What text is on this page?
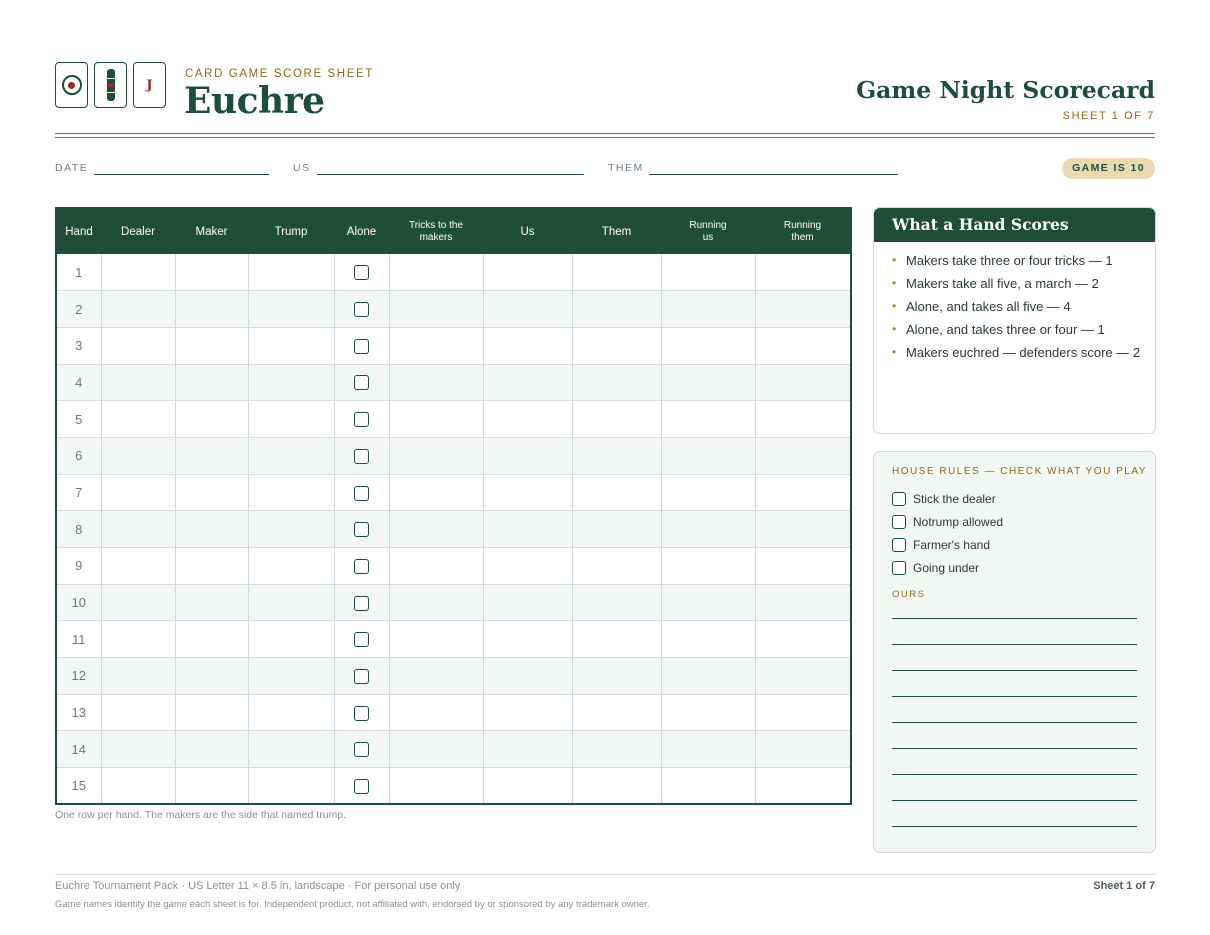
J
CARD GAME SCORE SHEET
Euchre	Game Night Scorecard
SHEET 1 OF 7
DATE	US	THEM	GAME IS 10
Hand	Dealer	Maker	Trump	Alone	Tricks to the makers	Us	Them	Running us	Running them
1									
2									
3									
4									
5									
6									
7									
8									
9									
10									
11									
12									
13									
14									
15									
One row per hand. The makers are the side that named trump.
What a Hand Scores
• Makers take three or four tricks — 1
• Makers take all five, a march — 2
• Alone, and takes all five — 4
• Alone, and takes three or four — 1
• Makers euchred — defenders score — 2
HOUSE RULES — CHECK WHAT YOU PLAY
Stick the dealer
Notrump allowed
Farmer's hand
Going under
OURS
Euchre Tournament Pack · US Letter 11 × 8.5 in, landscape · For personal use only	Sheet 1 of 7
Game names identify the game each sheet is for. Independent product, not affiliated with, endorsed by or sponsored by any trademark owner.
